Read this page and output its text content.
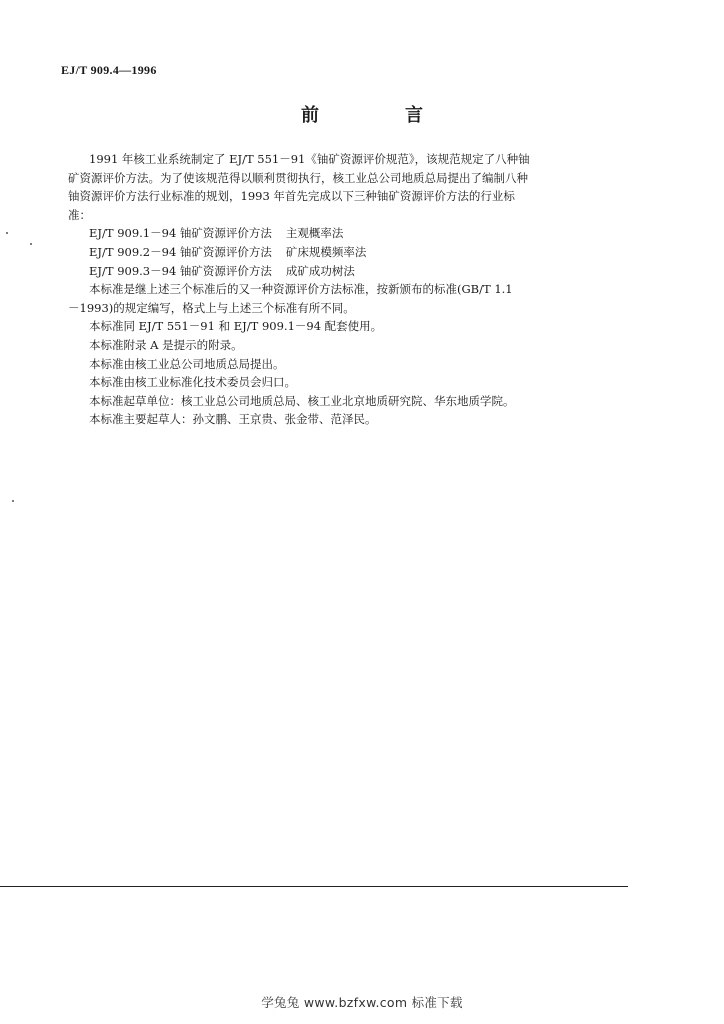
EJ/T 909.4—1996
前　言
1991 年核工业系统制定了 EJ/T 551－91《铀矿资源评价规范》，该规范规定了八种铀
矿资源评价方法。为了使该规范得以顺利贯彻执行，核工业总公司地质总局提出了编制八种
铀资源评价方法行业标准的规划，1993 年首先完成以下三种铀矿资源评价方法的行业标
准：
EJ/T 909.1－94 铀矿资源评价方法 主观概率法
EJ/T 909.2－94 铀矿资源评价方法 矿床规模频率法
EJ/T 909.3－94 铀矿资源评价方法 成矿成功树法
本标准是继上述三个标准后的又一种资源评价方法标准，按新颁布的标准(GB/T 1.1
－1993)的规定编写，格式上与上述三个标准有所不同。
本标准同 EJ/T 551－91 和 EJ/T 909.1－94 配套使用。
本标准附录 A 是提示的附录。
本标准由核工业总公司地质总局提出。
本标准由核工业标准化技术委员会归口。
本标准起草单位：核工业总公司地质总局、核工业北京地质研究院、华东地质学院。
本标准主要起草人：孙文鹏、王京贵、张金带、范泽民。
学兔兔 www.bzfxw.com 标准下载
